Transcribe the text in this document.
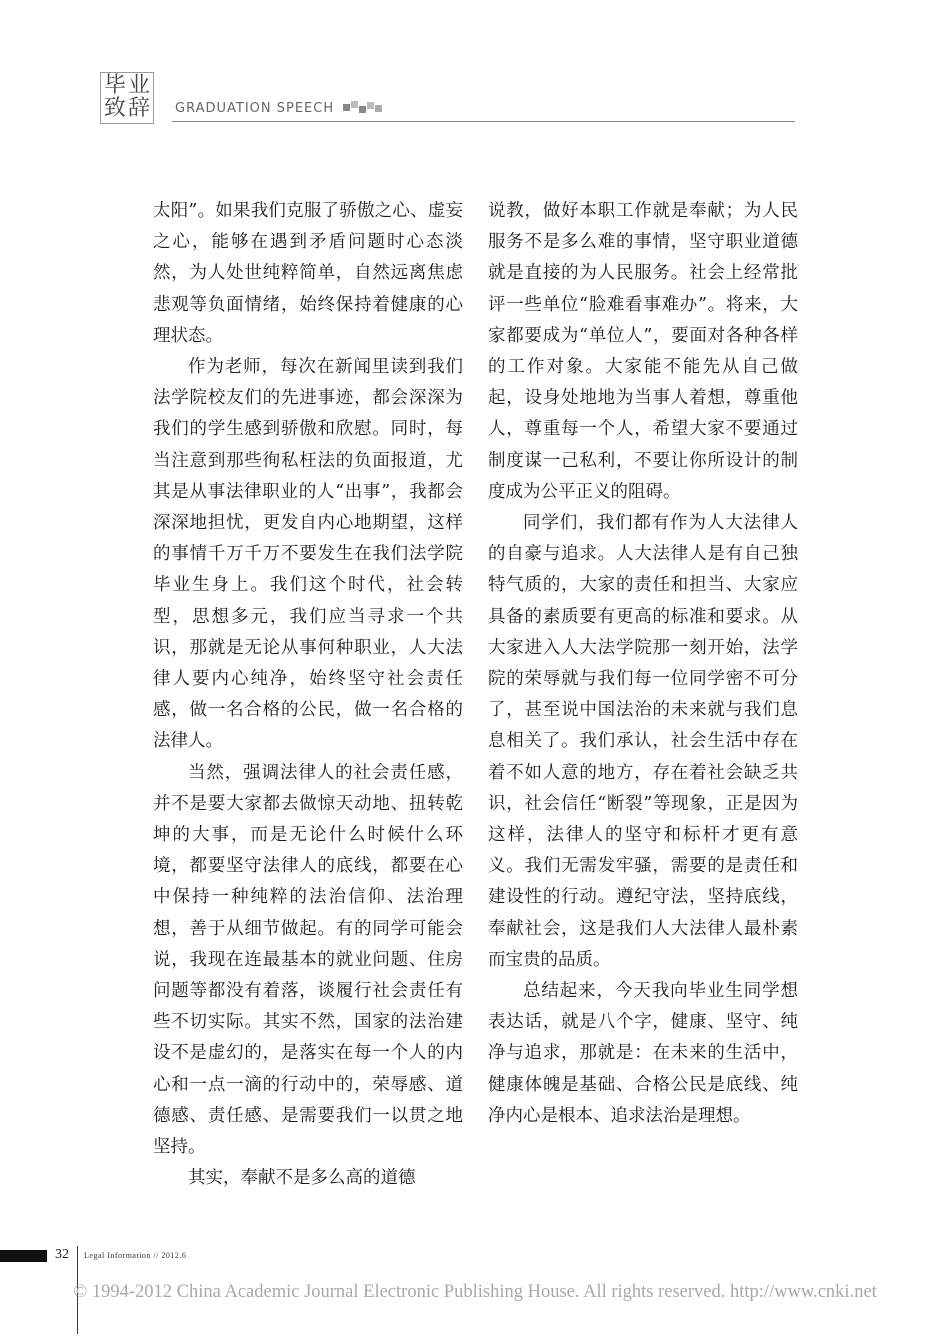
毕业
致辞 GRADUATION SPEECH

太阳”。如果我们克服了骄傲之心、虚妄之心，能够在遇到矛盾问题时心态淡然，为人处世纯粹简单，自然远离焦虑悲观等负面情绪，始终保持着健康的心理状态。

作为老师，每次在新闻里读到我们法学院校友们的先进事迹，都会深深为我们的学生感到骄傲和欣慰。同时，每当注意到那些徇私枉法的负面报道，尤其是从事法律职业的人“出事”，我都会深深地担忧，更发自内心地期望，这样的事情千万千万不要发生在我们法学院毕业生身上。我们这个时代，社会转型，思想多元，我们应当寻求一个共识，那就是无论从事何种职业，人大法律人要内心纯净，始终坚守社会责任感，做一名合格的公民，做一名合格的法律人。

当然，强调法律人的社会责任感，并不是要大家都去做惊天动地、扭转乾坤的大事，而是无论什么时候什么环境，都要坚守法律人的底线，都要在心中保持一种纯粹的法治信仰、法治理想，善于从细节做起。有的同学可能会说，我现在连最基本的就业问题、住房问题等都没有着落，谈履行社会责任有些不切实际。其实不然，国家的法治建设不是虚幻的，是落实在每一个人的内心和一点一滴的行动中的，荣辱感、道德感、责任感、是需要我们一以贯之地坚持。

其实，奉献不是多么高的道德

说教，做好本职工作就是奉献；为人民服务不是多么难的事情，坚守职业道德就是直接的为人民服务。社会上经常批评一些单位“脸难看事难办”。将来，大家都要成为“单位人”，要面对各种各样的工作对象。大家能不能先从自己做起，设身处地地为当事人着想，尊重他人，尊重每一个人，希望大家不要通过制度谋一己私利，不要让你所设计的制度成为公平正义的阻碍。

同学们，我们都有作为人大法律人的自豪与追求。人大法律人是有自己独特气质的，大家的责任和担当、大家应具备的素质要有更高的标准和要求。从大家进入人大法学院那一刻开始，法学院的荣辱就与我们每一位同学密不可分了，甚至说中国法治的未来就与我们息息相关了。我们承认，社会生活中存在着不如人意的地方，存在着社会缺乏共识，社会信任“断裂”等现象，正是因为这样，法律人的坚守和标杆才更有意义。我们无需发牢骚，需要的是责任和建设性的行动。遵纪守法，坚持底线，奉献社会，这是我们人大法律人最朴素而宝贵的品质。

总结起来，今天我向毕业生同学想表达话，就是八个字，健康、坚守、纯净与追求，那就是：在未来的生活中，健康体魄是基础、合格公民是底线、纯净内心是根本、追求法治是理想。

32 Legal Information // 2012.6
© 1994-2012 China Academic Journal Electronic Publishing House. All rights reserved. http://www.cnki.net
